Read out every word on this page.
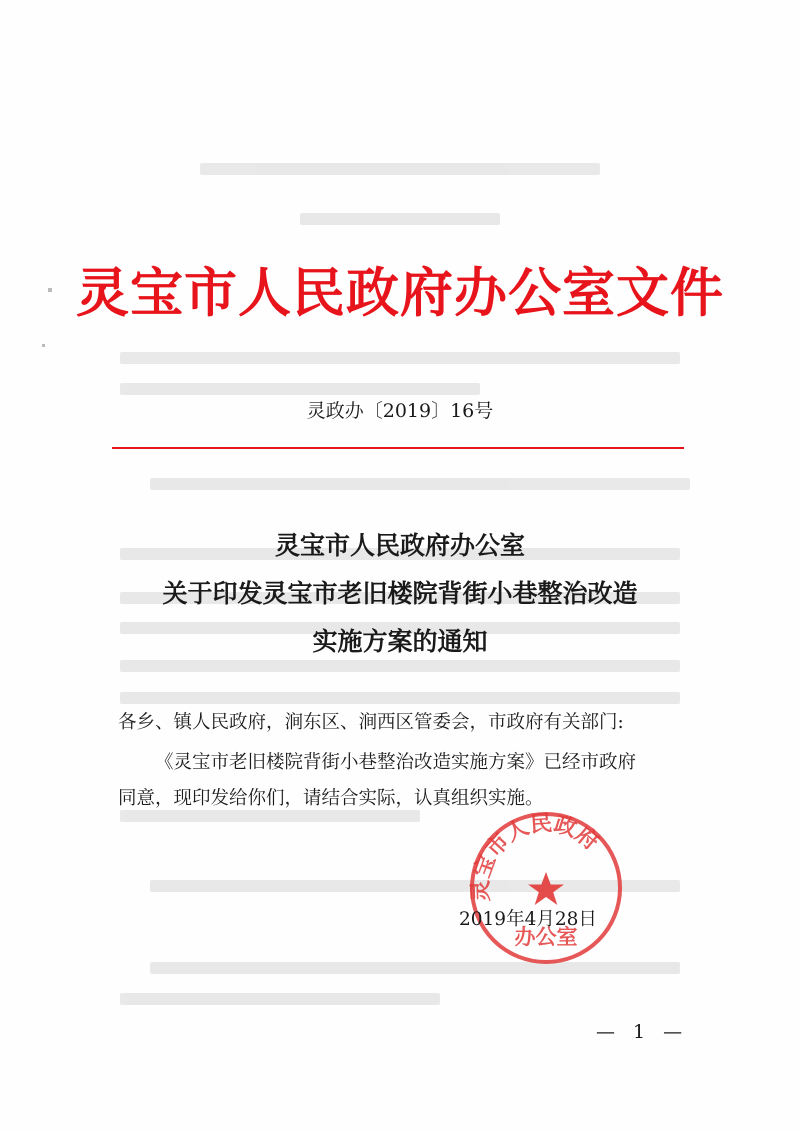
灵宝市人民政府办公室文件
灵政办〔2019〕16号
灵宝市人民政府办公室
关于印发灵宝市老旧楼院背街小巷整治改造
实施方案的通知
各乡、镇人民政府，涧东区、涧西区管委会，市政府有关部门:
《灵宝市老旧楼院背街小巷整治改造实施方案》已经市政府
同意，现印发给你们，请结合实际，认真组织实施。
灵宝市人民政府
办公室
2019年4月28日
— 1 —
